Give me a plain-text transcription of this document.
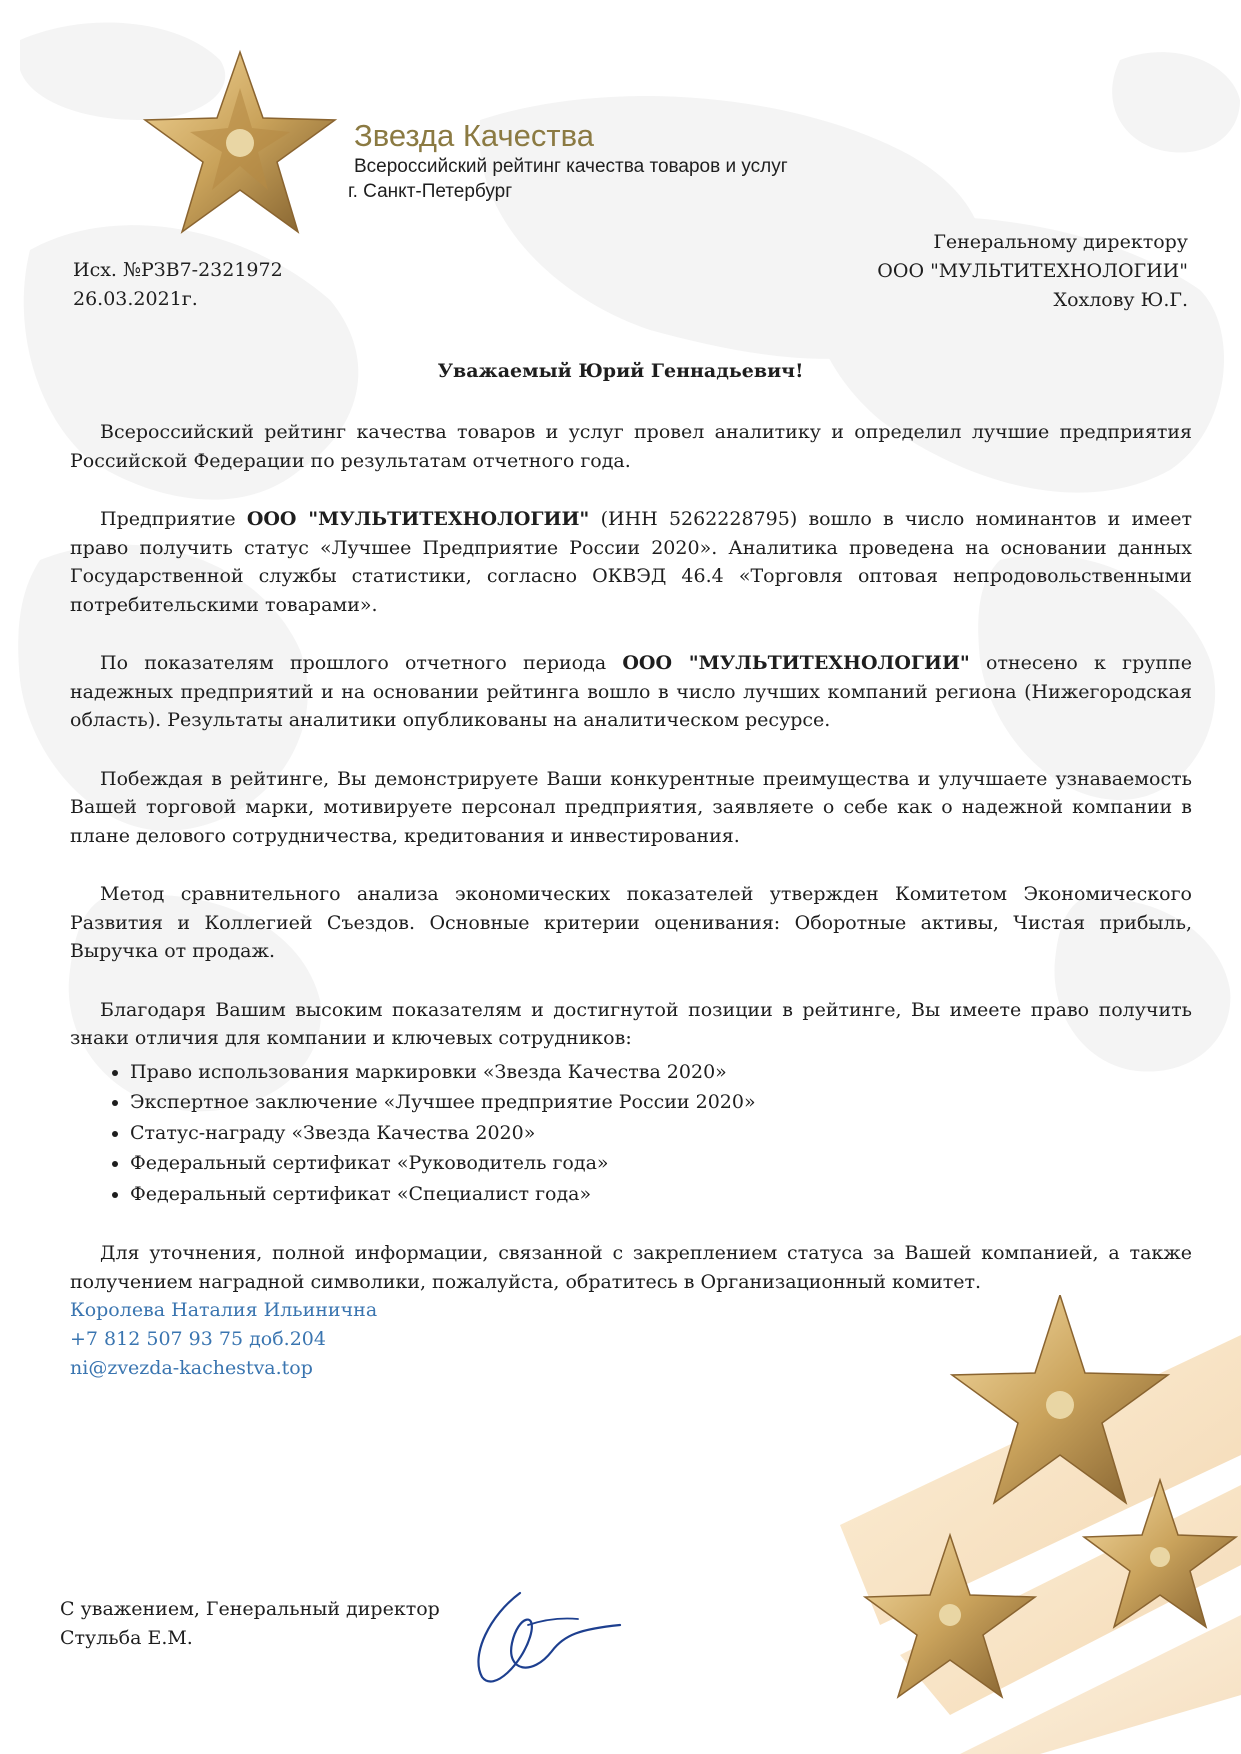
Звезда Качества
Всероссийский рейтинг качества товаров и услуг
г. Санкт-Петербург
Исх. №РЗВ7-2321972
26.03.2021г.
Генеральному директору
ООО "МУЛЬТИТЕХНОЛОГИИ"
Хохлову Ю.Г.
Уважаемый Юрий Геннадьевич!

Всероссийский рейтинг качества товаров и услуг провел аналитику и определил лучшие предприятия Российской Федерации по результатам отчетного года.

Предприятие ООО "МУЛЬТИТЕХНОЛОГИИ" (ИНН 5262228795) вошло в число номинантов и имеет право получить статус «Лучшее Предприятие России 2020». Аналитика проведена на основании данных Государственной службы статистики, согласно ОКВЭД 46.4 «Торговля оптовая непродовольственными потребительскими товарами».

По показателям прошлого отчетного периода ООО "МУЛЬТИТЕХНОЛОГИИ" отнесено к группе надежных предприятий и на основании рейтинга вошло в число лучших компаний региона (Нижегородская область). Результаты аналитики опубликованы на аналитическом ресурсе.

Побеждая в рейтинге, Вы демонстрируете Ваши конкурентные преимущества и улучшаете узнаваемость Вашей торговой марки, мотивируете персонал предприятия, заявляете о себе как о надежной компании в плане делового сотрудничества, кредитования и инвестирования.

Метод сравнительного анализа экономических показателей утвержден Комитетом Экономического Развития и Коллегией Съездов. Основные критерии оценивания: Оборотные активы, Чистая прибыль, Выручка от продаж.

Благодаря Вашим высоким показателям и достигнутой позиции в рейтинге, Вы имеете право получить знаки отличия для компании и ключевых сотрудников:

• Право использования маркировки «Звезда Качества 2020»
• Экспертное заключение «Лучшее предприятие России 2020»
• Статус-награду «Звезда Качества 2020»
• Федеральный сертификат «Руководитель года»
• Федеральный сертификат «Специалист года»

Для уточнения, полной информации, связанной с закреплением статуса за Вашей компанией, а также получением наградной символики, пожалуйста, обратитесь в Организационный комитет.

Королева Наталия Ильинична
+7 812 507 93 75 доб.204
ni@zvezda-kachestva.top
С уважением, Генеральный директор
Стульба Е.М.
